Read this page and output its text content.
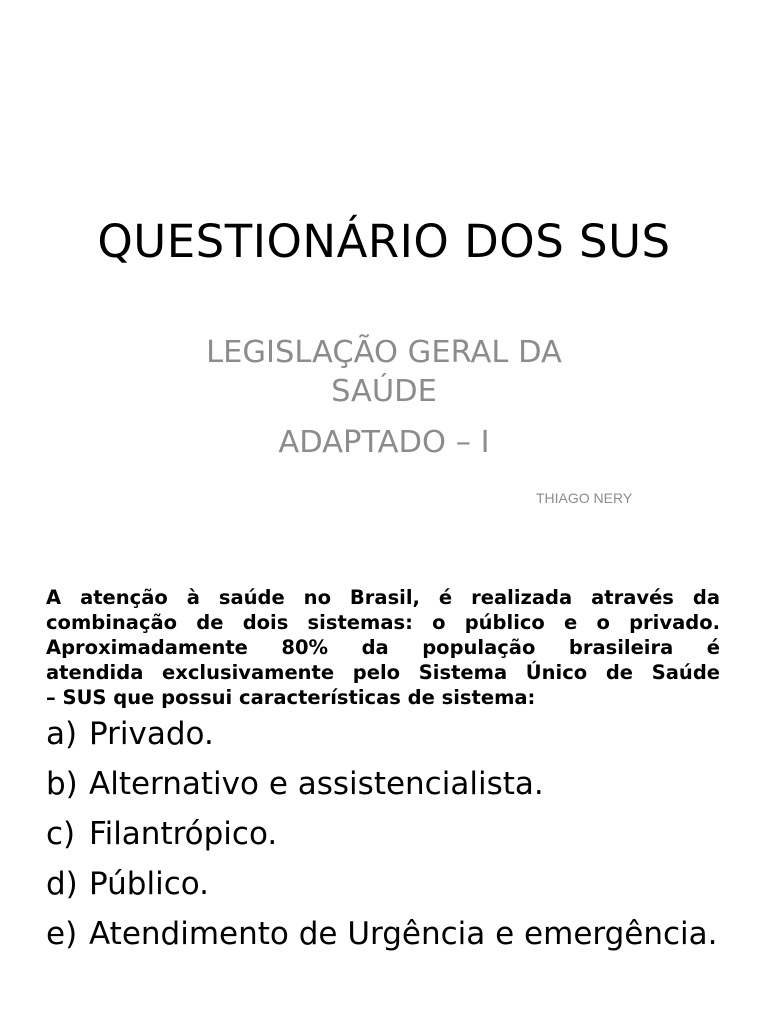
QUESTIONÁRIO DOS SUS
LEGISLAÇÃO GERAL DA
SAÚDE
ADAPTADO – I
THIAGO NERY
A atenção à saúde no Brasil, é realizada através da
combinação de dois sistemas: o público e o privado.
Aproximadamente 80% da população brasileira é
atendida exclusivamente pelo Sistema Único de Saúde
– SUS que possui características de sistema:
a) Privado.
b) Alternativo e assistencialista.
c) Filantrópico.
d) Público.
e) Atendimento de Urgência e emergência.
